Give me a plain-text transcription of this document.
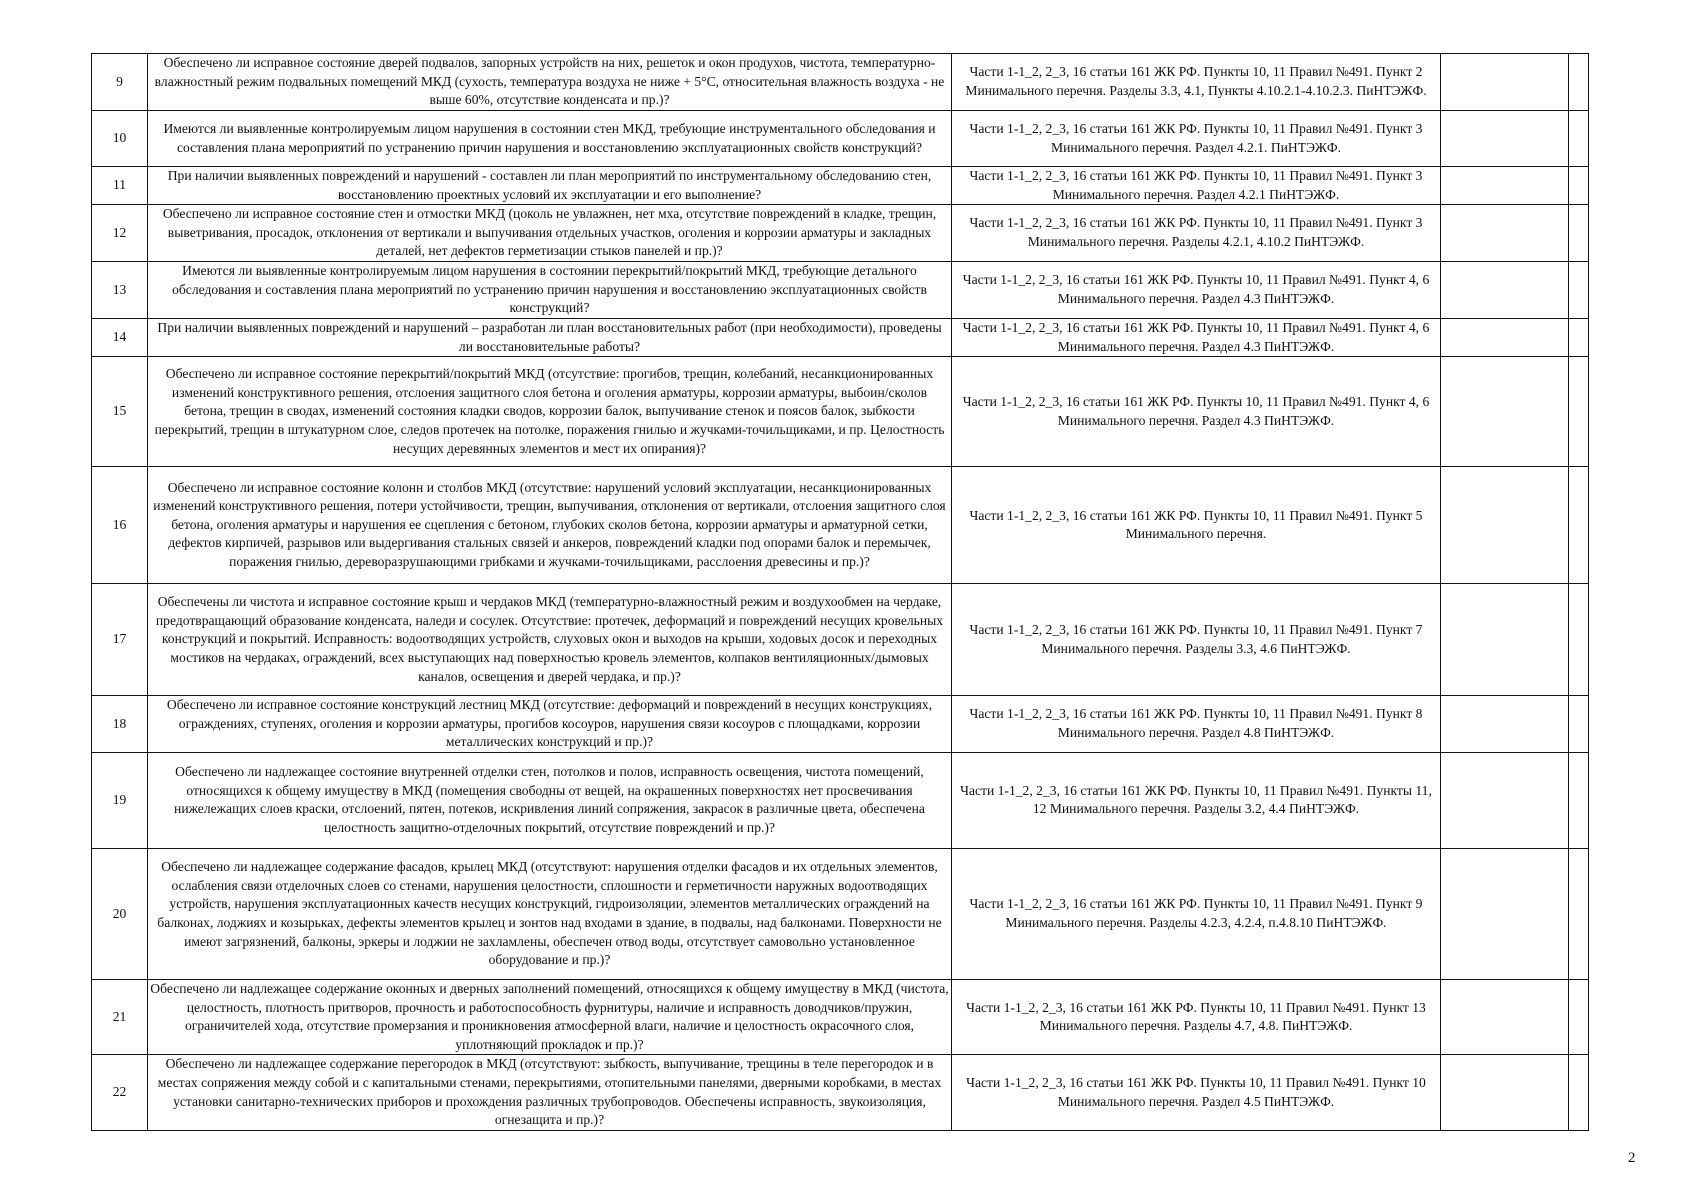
9	Обеспечено ли исправное состояние дверей подвалов, запорных устройств на них, решеток и окон продухов, чистота, температурно-влажностный режим подвальных помещений МКД (сухость, температура воздуха не ниже + 5°С, относительная влажность воздуха - не выше 60%, отсутствие конденсата и пр.)?	Части 1-1_2, 2_3, 16 статьи 161 ЖК РФ. Пункты 10, 11 Правил №491. Пункт 2 Минимального перечня. Разделы 3.3, 4.1, Пункты 4.10.2.1-4.10.2.3. ПиНТЭЖФ.		
10	Имеются ли выявленные контролируемым лицом нарушения в состоянии стен МКД, требующие инструментального обследования и составления плана мероприятий по устранению причин нарушения и восстановлению эксплуатационных свойств конструкций?	Части 1-1_2, 2_3, 16 статьи 161 ЖК РФ. Пункты 10, 11 Правил №491. Пункт 3 Минимального перечня. Раздел 4.2.1. ПиНТЭЖФ.		
11	При наличии выявленных повреждений и нарушений - составлен ли план мероприятий по инструментальному обследованию стен, восстановлению проектных условий их эксплуатации и его выполнение?	Части 1-1_2, 2_3, 16 статьи 161 ЖК РФ. Пункты 10, 11 Правил №491. Пункт 3 Минимального перечня. Раздел 4.2.1 ПиНТЭЖФ.		
12	Обеспечено ли исправное состояние стен и отмостки МКД (цоколь не увлажнен, нет мха, отсутствие повреждений в кладке, трещин, выветривания, просадок, отклонения от вертикали и выпучивания отдельных участков, оголения и коррозии арматуры и закладных деталей, нет дефектов герметизации стыков панелей и пр.)?	Части 1-1_2, 2_3, 16 статьи 161 ЖК РФ. Пункты 10, 11 Правил №491. Пункт 3 Минимального перечня. Разделы 4.2.1, 4.10.2 ПиНТЭЖФ.		
13	Имеются ли выявленные контролируемым лицом нарушения в состоянии перекрытий/покрытий МКД, требующие детального обследования и составления плана мероприятий по устранению причин нарушения и восстановлению эксплуатационных свойств конструкций?	Части 1-1_2, 2_3, 16 статьи 161 ЖК РФ. Пункты 10, 11 Правил №491. Пункт 4, 6 Минимального перечня. Раздел 4.3 ПиНТЭЖФ.		
14	При наличии выявленных повреждений и нарушений – разработан ли план восстановительных работ (при необходимости), проведены ли восстановительные работы?	Части 1-1_2, 2_3, 16 статьи 161 ЖК РФ. Пункты 10, 11 Правил №491. Пункт 4, 6 Минимального перечня. Раздел 4.3 ПиНТЭЖФ.		
15	Обеспечено ли исправное состояние перекрытий/покрытий МКД (отсутствие: прогибов, трещин, колебаний, несанкционированных изменений конструктивного решения, отслоения защитного слоя бетона и оголения арматуры, коррозии арматуры, выбоин/сколов бетона, трещин в сводах, изменений состояния кладки сводов, коррозии балок, выпучивание стенок и поясов балок, зыбкости перекрытий, трещин в штукатурном слое, следов протечек на потолке, поражения гнилью и жучками-точильщиками, и пр. Целостность несущих деревянных элементов и мест их опирания)?	Части 1-1_2, 2_3, 16 статьи 161 ЖК РФ. Пункты 10, 11 Правил №491. Пункт 4, 6 Минимального перечня. Раздел 4.3 ПиНТЭЖФ.		
16	Обеспечено ли исправное состояние колонн и столбов МКД (отсутствие: нарушений условий эксплуатации, несанкционированных изменений конструктивного решения, потери устойчивости, трещин, выпучивания, отклонения от вертикали, отслоения защитного слоя бетона, оголения арматуры и нарушения ее сцепления с бетоном, глубоких сколов бетона, коррозии арматуры и арматурной сетки, дефектов кирпичей, разрывов или выдергивания стальных связей и анкеров, повреждений кладки под опорами балок и перемычек, поражения гнилью, дереворазрушающими грибками и жучками-точильщиками, расслоения древесины и пр.)?	Части 1-1_2, 2_3, 16 статьи 161 ЖК РФ. Пункты 10, 11 Правил №491. Пункт 5 Минимального перечня.		
17	Обеспечены ли чистота и исправное состояние крыш и чердаков МКД (температурно-влажностный режим и воздухообмен на чердаке, предотвращающий образование конденсата, наледи и сосулек. Отсутствие: протечек, деформаций и повреждений несущих кровельных конструкций и покрытий. Исправность: водоотводящих устройств, слуховых окон и выходов на крыши, ходовых досок и переходных мостиков на чердаках, ограждений, всех выступающих над поверхностью кровель элементов, колпаков вентиляционных/дымовых каналов, освещения и дверей чердака, и пр.)?	Части 1-1_2, 2_3, 16 статьи 161 ЖК РФ. Пункты 10, 11 Правил №491. Пункт 7 Минимального перечня. Разделы 3.3, 4.6 ПиНТЭЖФ.		
18	Обеспечено ли исправное состояние конструкций лестниц МКД (отсутствие: деформаций и повреждений в несущих конструкциях, ограждениях, ступенях, оголения и коррозии арматуры, прогибов косоуров, нарушения связи косоуров с площадками, коррозии металлических конструкций и пр.)?	Части 1-1_2, 2_3, 16 статьи 161 ЖК РФ. Пункты 10, 11 Правил №491. Пункт 8 Минимального перечня. Раздел 4.8 ПиНТЭЖФ.		
19	Обеспечено ли надлежащее состояние внутренней отделки стен, потолков и полов, исправность освещения, чистота помещений, относящихся к общему имуществу в МКД (помещения свободны от вещей, на окрашенных поверхностях нет просвечивания нижележащих слоев краски, отслоений, пятен, потеков, искривления линий сопряжения, закрасок в различные цвета, обеспечена целостность защитно-отделочных покрытий, отсутствие повреждений и пр.)?	Части 1-1_2, 2_3, 16 статьи 161 ЖК РФ. Пункты 10, 11 Правил №491. Пункты 11, 12 Минимального перечня. Разделы 3.2, 4.4 ПиНТЭЖФ.		
20	Обеспечено ли надлежащее содержание фасадов, крылец МКД (отсутствуют: нарушения отделки фасадов и их отдельных элементов, ослабления связи отделочных слоев со стенами, нарушения целостности, сплошности и герметичности наружных водоотводящих устройств, нарушения эксплуатационных качеств несущих конструкций, гидроизоляции, элементов металлических ограждений на балконах, лоджиях и козырьках, дефекты элементов крылец и зонтов над входами в здание, в подвалы, над балконами. Поверхности не имеют загрязнений, балконы, эркеры и лоджии не захламлены, обеспечен отвод воды, отсутствует самовольно установленное оборудование и пр.)?	Части 1-1_2, 2_3, 16 статьи 161 ЖК РФ. Пункты 10, 11 Правил №491. Пункт 9 Минимального перечня. Разделы 4.2.3, 4.2.4, п.4.8.10 ПиНТЭЖФ.		
21	Обеспечено ли надлежащее содержание оконных и дверных заполнений помещений, относящихся к общему имуществу в МКД (чистота, целостность, плотность притворов, прочность и работоспособность фурнитуры, наличие и исправность доводчиков/пружин, ограничителей хода, отсутствие промерзания и проникновения атмосферной влаги, наличие и целостность окрасочного слоя, уплотняющий прокладок и пр.)?	Части 1-1_2, 2_3, 16 статьи 161 ЖК РФ. Пункты 10, 11 Правил №491. Пункт 13 Минимального перечня. Разделы 4.7, 4.8. ПиНТЭЖФ.		
22	Обеспечено ли надлежащее содержание перегородок в МКД (отсутствуют: зыбкость, выпучивание, трещины в теле перегородок и в местах сопряжения между собой и с капитальными стенами, перекрытиями, отопительными панелями, дверными коробками, в местах установки санитарно-технических приборов и прохождения различных трубопроводов. Обеспечены исправность, звукоизоляция, огнезащита и пр.)?	Части 1-1_2, 2_3, 16 статьи 161 ЖК РФ. Пункты 10, 11 Правил №491. Пункт 10 Минимального перечня. Раздел 4.5 ПиНТЭЖФ.		
2
